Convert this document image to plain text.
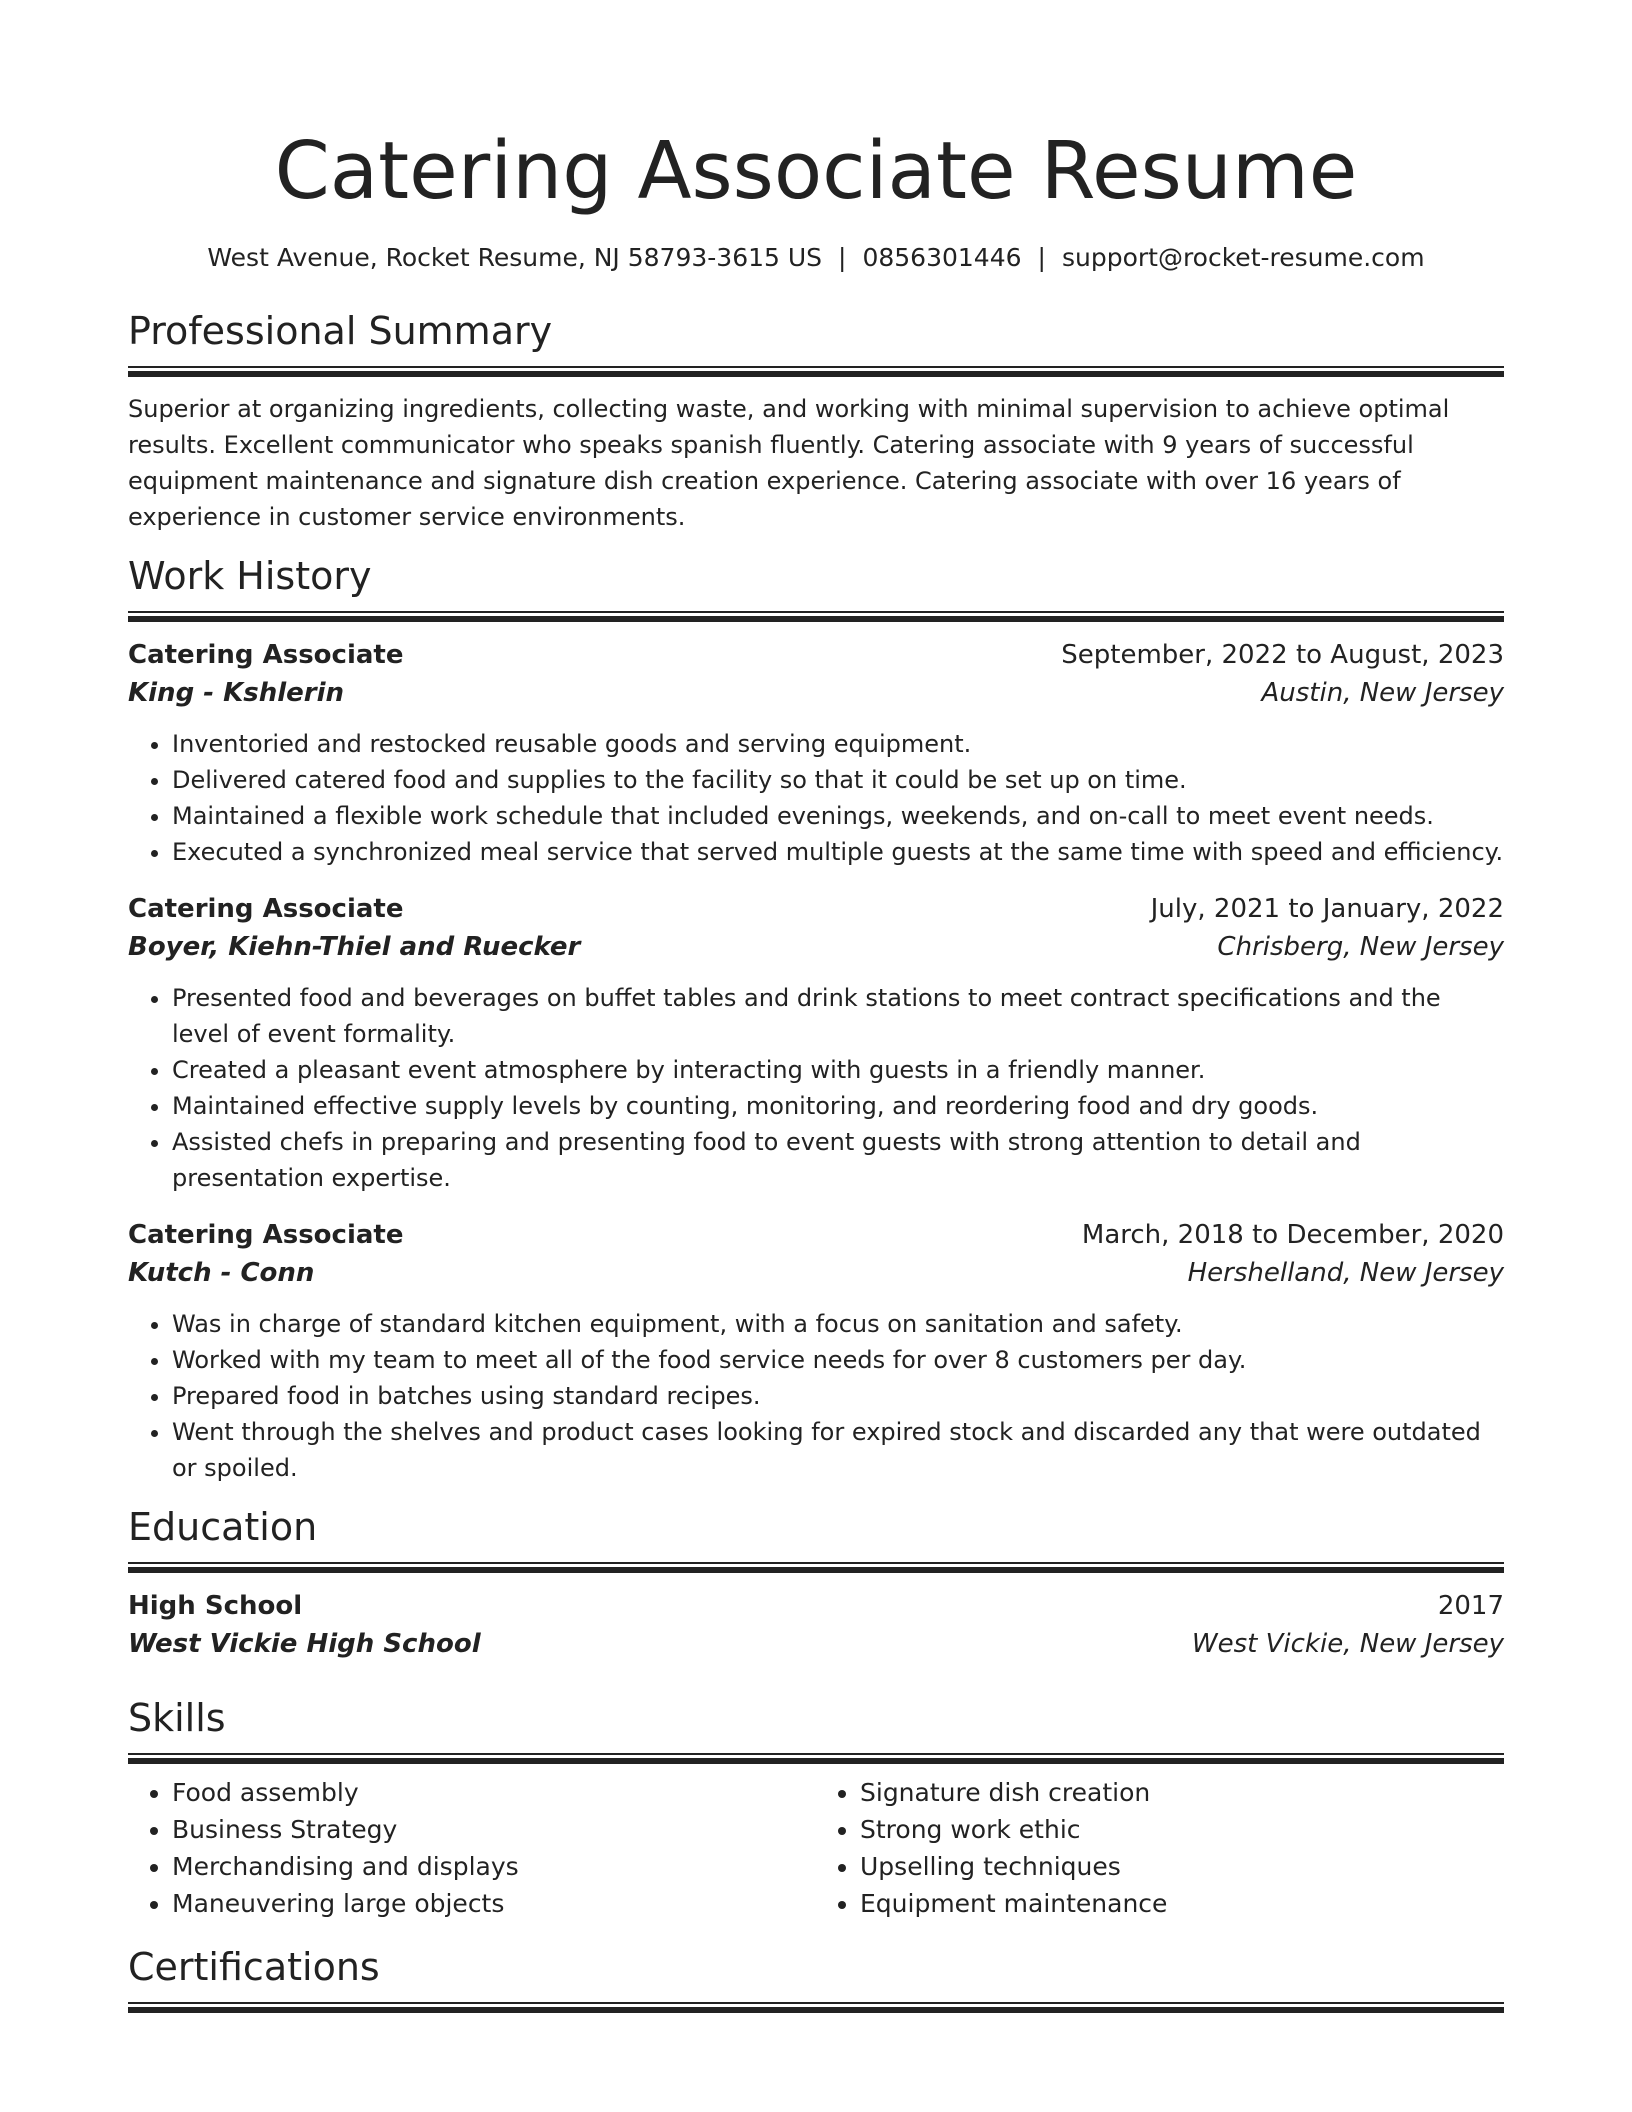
Catering Associate Resume
West Avenue, Rocket Resume, NJ 58793-3615 US | 0856301446 | support@rocket-resume.com
Professional Summary

Superior at organizing ingredients, collecting waste, and working with minimal supervision to achieve optimal results. Excellent communicator who speaks spanish fluently. Catering associate with 9 years of successful equipment maintenance and signature dish creation experience. Catering associate with over 16 years of experience in customer service environments.

Work History
Catering Associate	September, 2022 to August, 2023
King - Kshlerin	Austin, New Jersey
• Inventoried and restocked reusable goods and serving equipment.
• Delivered catered food and supplies to the facility so that it could be set up on time.
• Maintained a flexible work schedule that included evenings, weekends, and on-call to meet event needs.
• Executed a synchronized meal service that served multiple guests at the same time with speed and efficiency.
Catering Associate	July, 2021 to January, 2022
Boyer, Kiehn-Thiel and Ruecker	Chrisberg, New Jersey
• Presented food and beverages on buffet tables and drink stations to meet contract specifications and the level of event formality.
• Created a pleasant event atmosphere by interacting with guests in a friendly manner.
• Maintained effective supply levels by counting, monitoring, and reordering food and dry goods.
• Assisted chefs in preparing and presenting food to event guests with strong attention to detail and presentation expertise.
Catering Associate	March, 2018 to December, 2020
Kutch - Conn	Hershelland, New Jersey
• Was in charge of standard kitchen equipment, with a focus on sanitation and safety.
• Worked with my team to meet all of the food service needs for over 8 customers per day.
• Prepared food in batches using standard recipes.
• Went through the shelves and product cases looking for expired stock and discarded any that were outdated or spoiled.
Education
High School	2017
West Vickie High School	West Vickie, New Jersey
Skills
• Food assembly
• Business Strategy
• Merchandising and displays
• Maneuvering large objects
• Signature dish creation
• Strong work ethic
• Upselling techniques
• Equipment maintenance
Certifications
